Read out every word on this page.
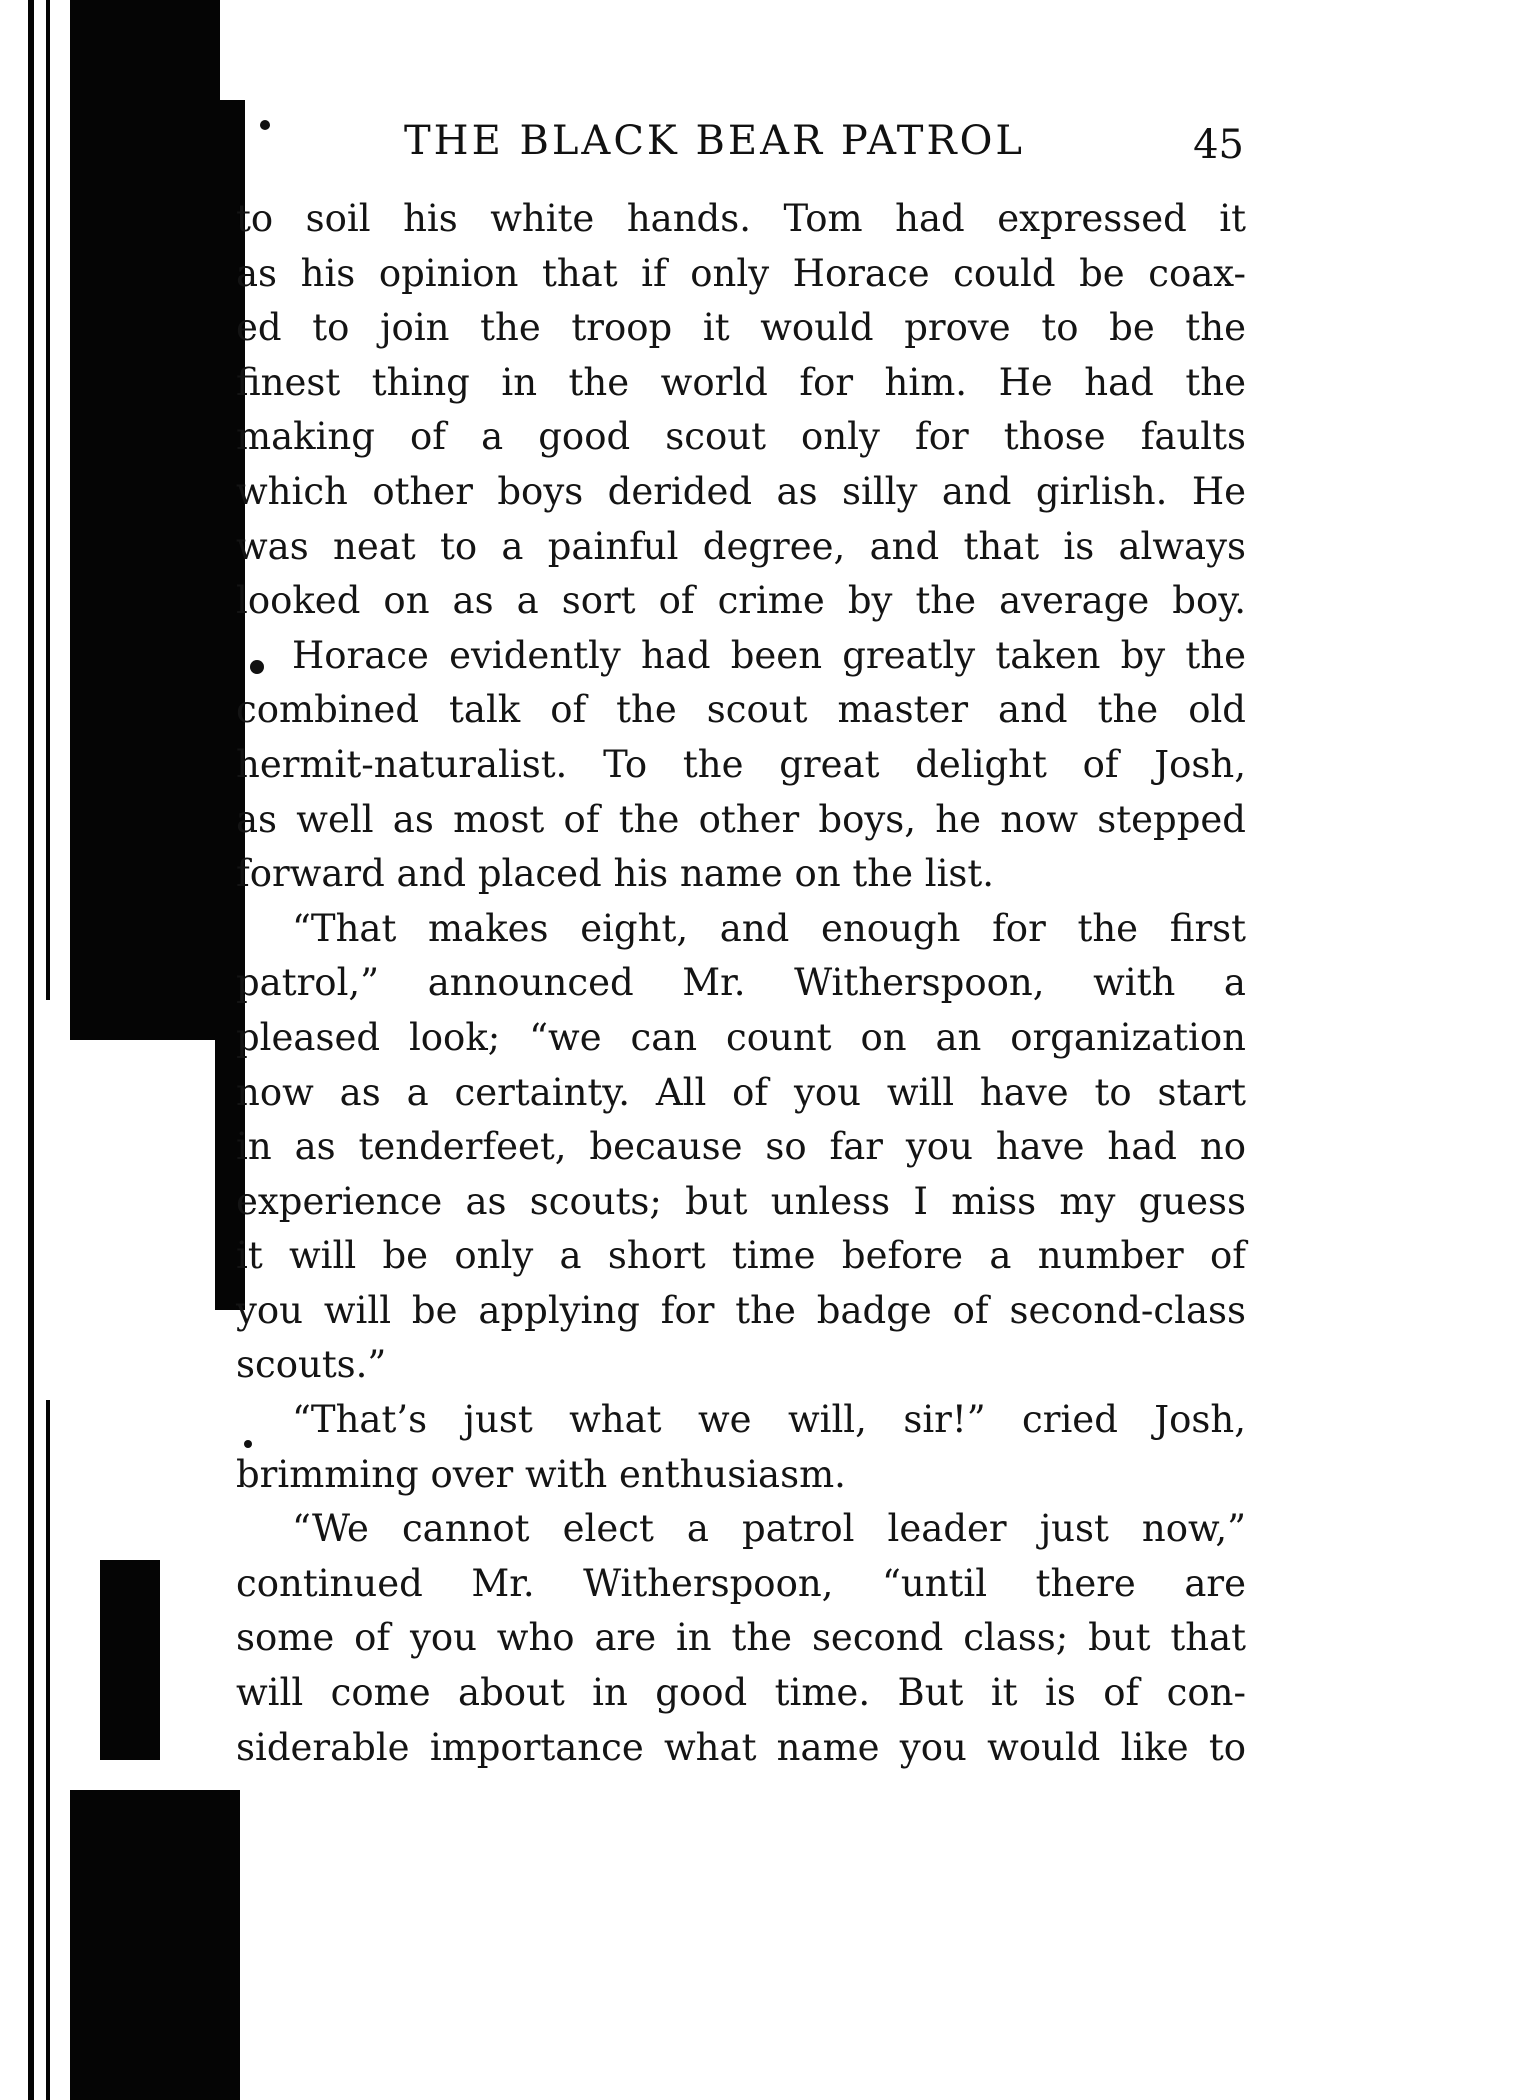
THE BLACK BEAR PATROL	45
to soil his white hands. Tom had expressed it
as his opinion that if only Horace could be coax-
ed to join the troop it would prove to be the
finest thing in the world for him. He had the
making of a good scout only for those faults
which other boys derided as silly and girlish. He
was neat to a painful degree, and that is always
looked on as a sort of crime by the average boy.
Horace evidently had been greatly taken by the
combined talk of the scout master and the old
hermit-naturalist. To the great delight of Josh,
as well as most of the other boys, he now stepped
forward and placed his name on the list.
“That makes eight, and enough for the first
patrol,” announced Mr. Witherspoon, with a
pleased look; “we can count on an organization
now as a certainty. All of you will have to start
in as tenderfeet, because so far you have had no
experience as scouts; but unless I miss my guess
it will be only a short time before a number of
you will be applying for the badge of second-class
scouts.”
“That’s just what we will, sir!” cried Josh,
brimming over with enthusiasm.
“We cannot elect a patrol leader just now,”
continued Mr. Witherspoon, “until there are
some of you who are in the second class; but that
will come about in good time. But it is of con-
siderable importance what name you would like to
